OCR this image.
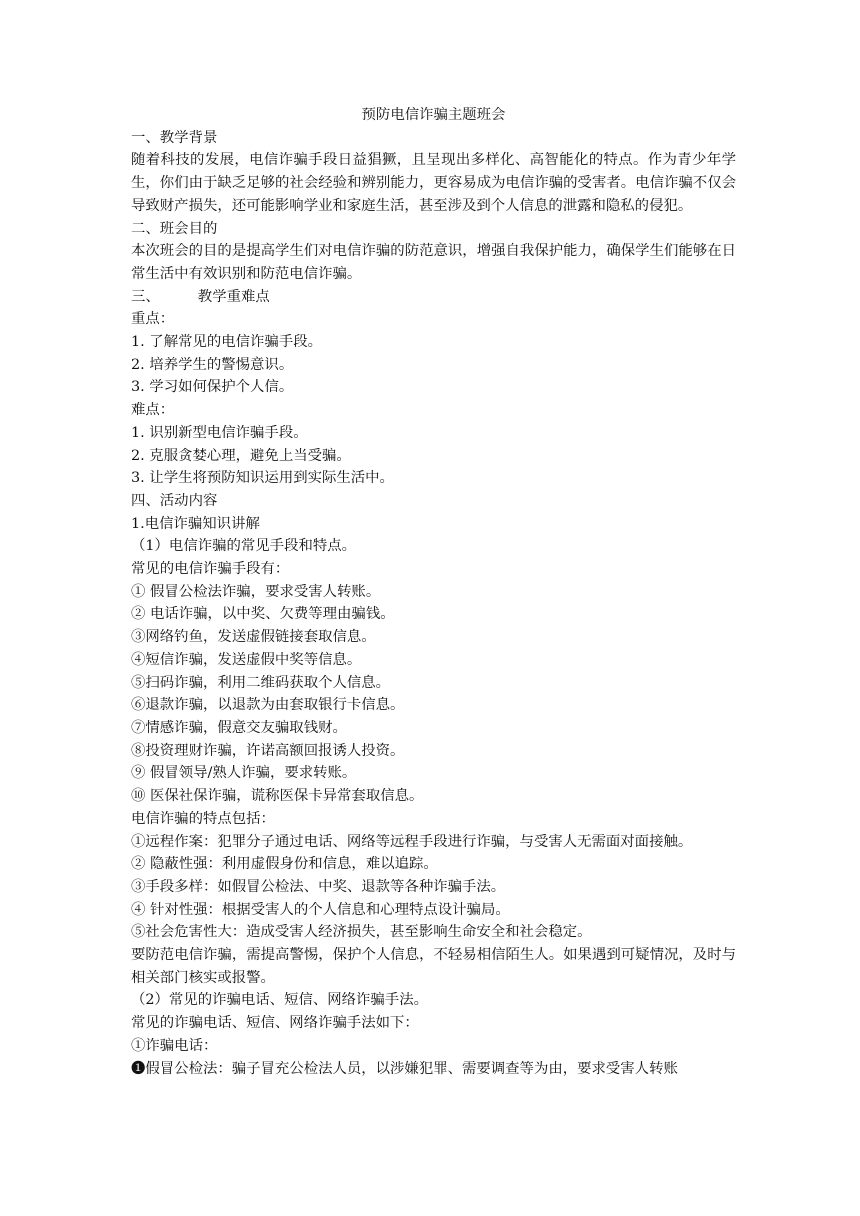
预防电信诈骗主题班会

一、教学背景

随着科技的发展，电信诈骗手段日益猖獗，且呈现出多样化、高智能化的特点。作为青少年学生，你们由于缺乏足够的社会经验和辨别能力，更容易成为电信诈骗的受害者。电信诈骗不仅会导致财产损失，还可能影响学业和家庭生活，甚至涉及到个人信息的泄露和隐私的侵犯。

二、班会目的

本次班会的目的是提高学生们对电信诈骗的防范意识，增强自我保护能力，确保学生们能够在日常生活中有效识别和防范电信诈骗。

三、	教学重难点

重点：

1. 了解常见的电信诈骗手段。

2. 培养学生的警惕意识。

3. 学习如何保护个人信。

难点：

1. 识别新型电信诈骗手段。

2. 克服贪婪心理，避免上当受骗。

3. 让学生将预防知识运用到实际生活中。

四、活动内容

1.电信诈骗知识讲解

（1）电信诈骗的常见手段和特点。

常见的电信诈骗手段有：

① 假冒公检法诈骗，要求受害人转账。

② 电话诈骗，以中奖、欠费等理由骗钱。

③网络钓鱼，发送虚假链接套取信息。

④短信诈骗，发送虚假中奖等信息。

⑤扫码诈骗，利用二维码获取个人信息。

⑥退款诈骗，以退款为由套取银行卡信息。

⑦情感诈骗，假意交友骗取钱财。

⑧投资理财诈骗，许诺高额回报诱人投资。

⑨ 假冒领导/熟人诈骗，要求转账。

⑩ 医保社保诈骗，谎称医保卡异常套取信息。

电信诈骗的特点包括：

①远程作案：犯罪分子通过电话、网络等远程手段进行诈骗，与受害人无需面对面接触。

② 隐蔽性强：利用虚假身份和信息，难以追踪。

③手段多样：如假冒公检法、中奖、退款等各种诈骗手法。

④ 针对性强：根据受害人的个人信息和心理特点设计骗局。

⑤社会危害性大：造成受害人经济损失，甚至影响生命安全和社会稳定。

要防范电信诈骗，需提高警惕，保护个人信息，不轻易相信陌生人。如果遇到可疑情况，及时与相关部门核实或报警。

（2）常见的诈骗电话、短信、网络诈骗手法。

常见的诈骗电话、短信、网络诈骗手法如下：

①诈骗电话：

❶假冒公检法：骗子冒充公检法人员，以涉嫌犯罪、需要调查等为由，要求受害人转账
